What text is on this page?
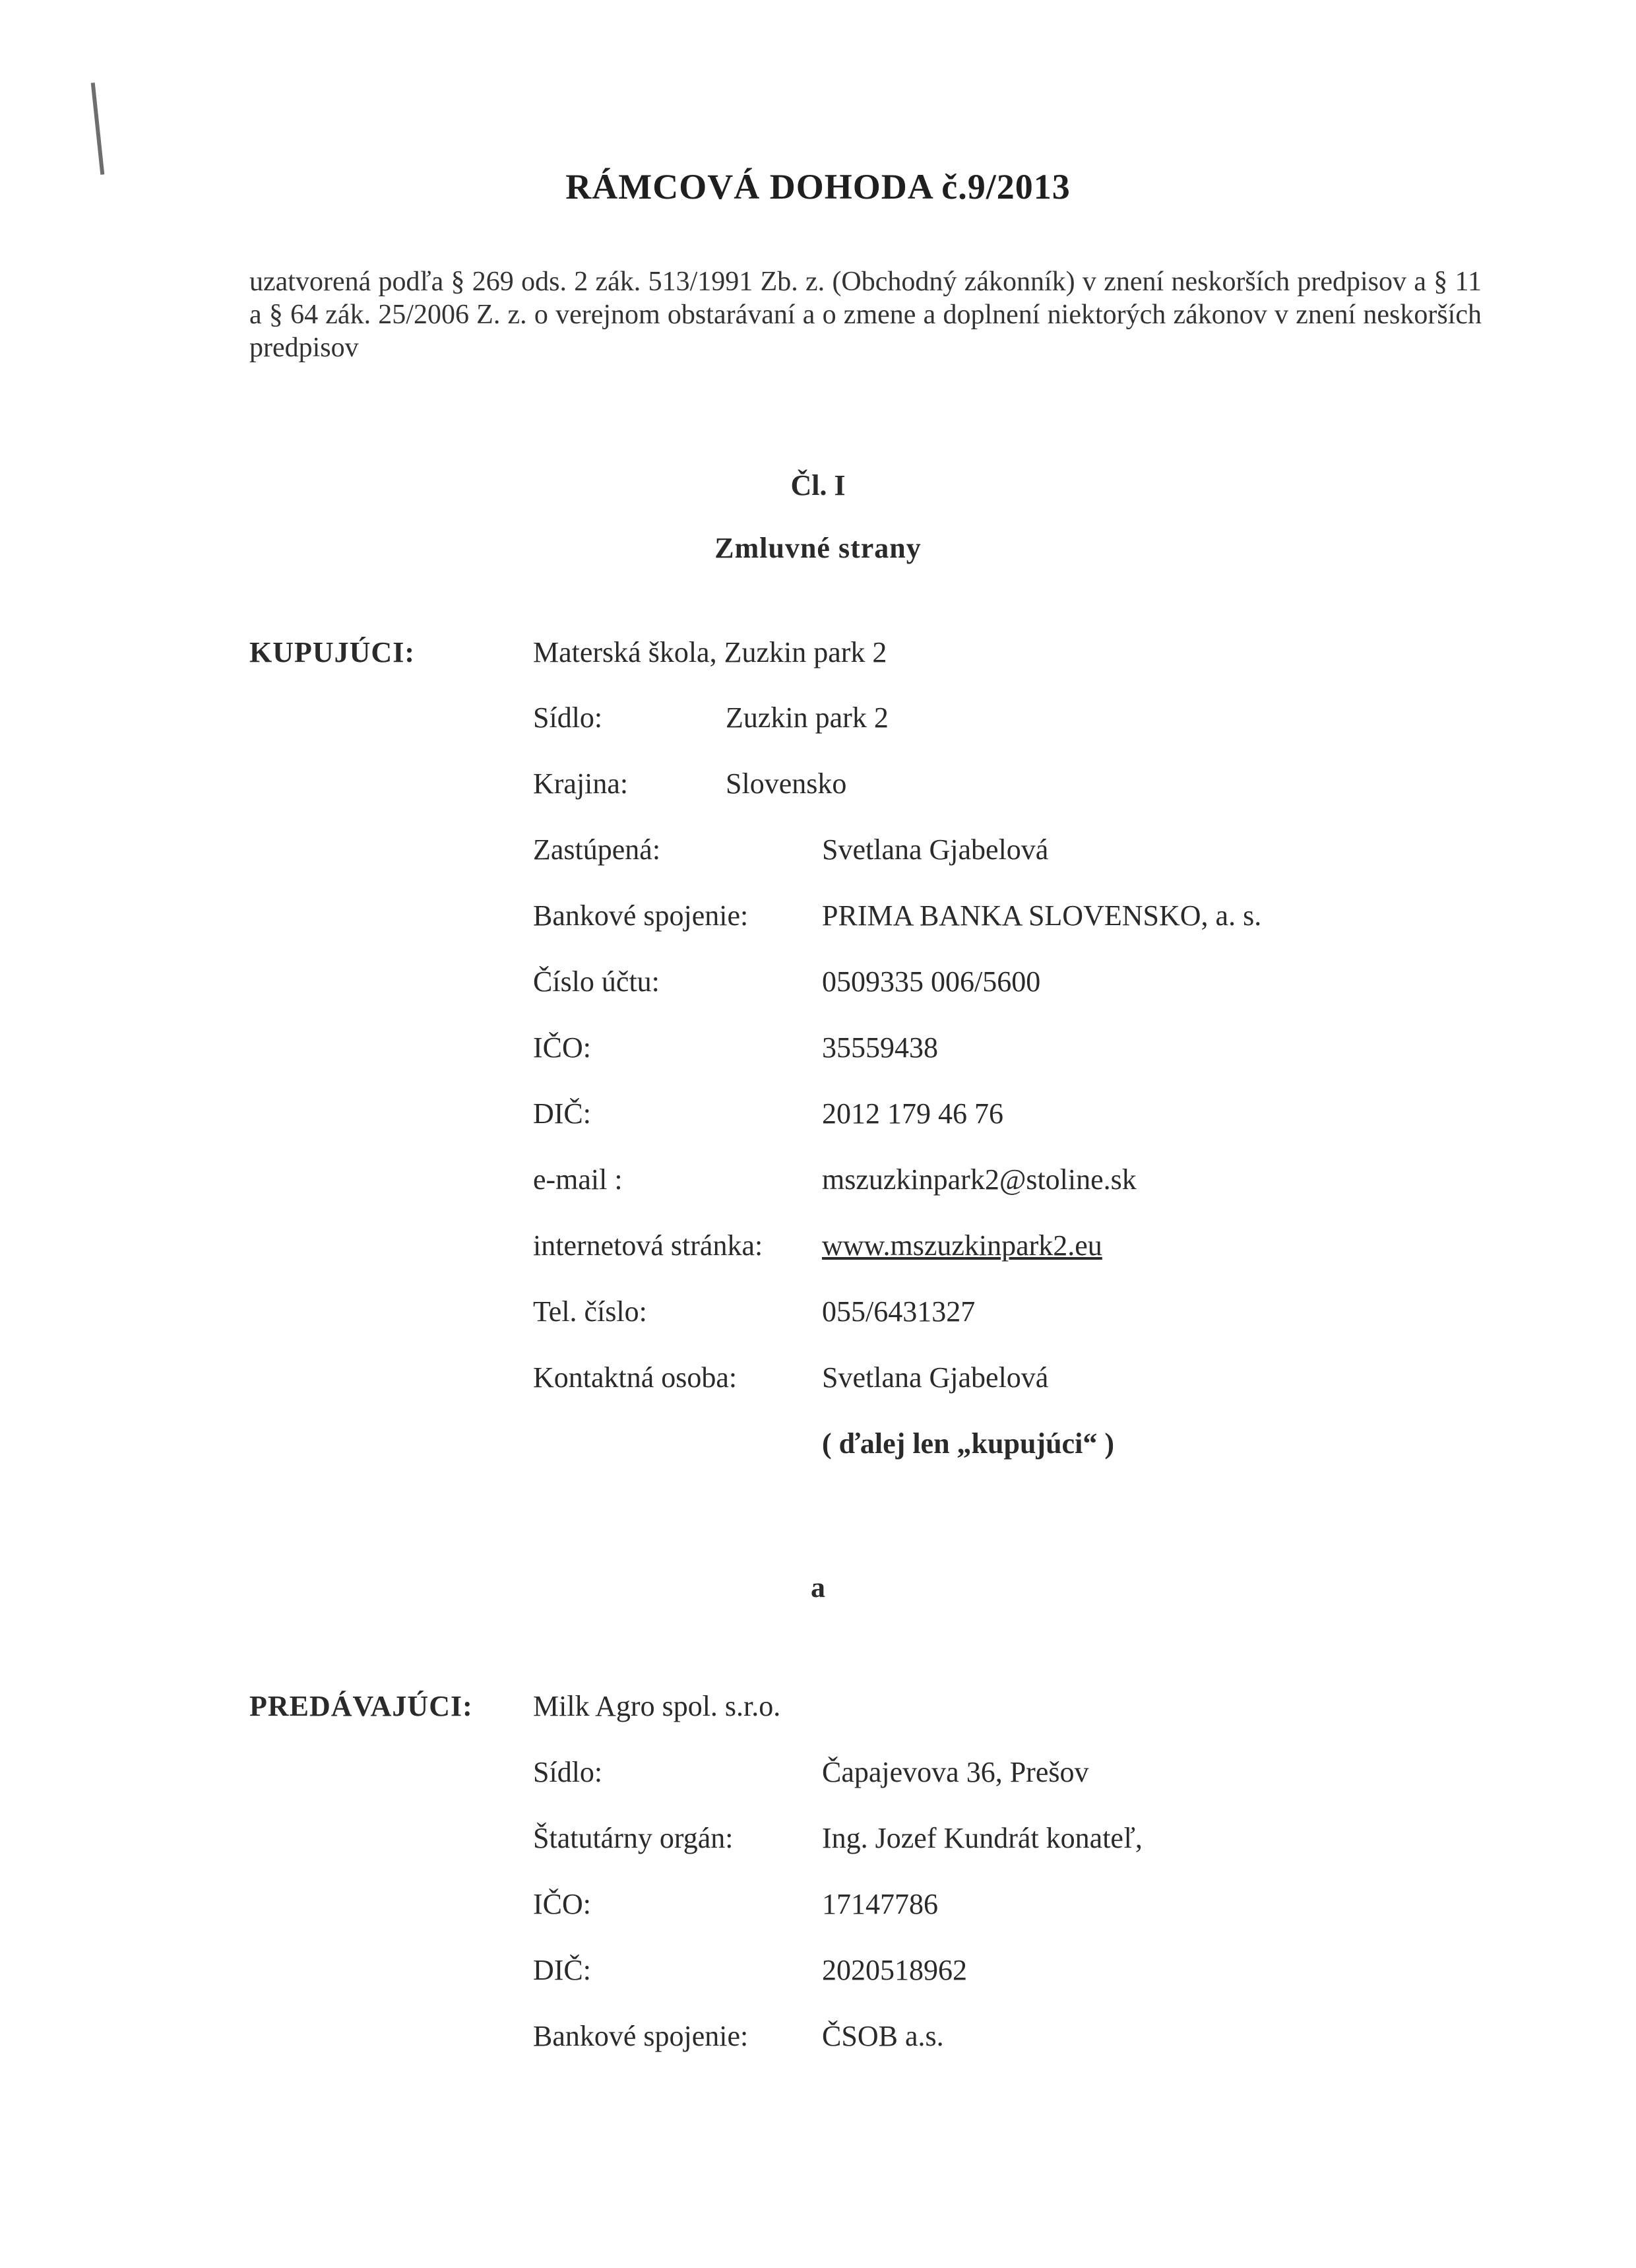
RÁMCOVÁ DOHODA č.9/2013
uzatvorená podľa § 269 ods. 2 zák. 513/1991 Zb. z. (Obchodný zákonník) v znení neskorších predpisov a § 11 a § 64 zák. 25/2006 Z. z. o verejnom obstarávaní a o zmene a doplnení niektorých zákonov v znení neskorších predpisov
Čl. I
Zmluvné strany
KUPUJÚCI:	Materská škola, Zuzkin park 2
Sídlo:	Zuzkin park 2
Krajina:	Slovensko
Zastúpená:	Svetlana Gjabelová
Bankové spojenie:	PRIMA BANKA SLOVENSKO, a. s.
Číslo účtu:	0509335 006/5600
IČO:	35559438
DIČ:	2012 179 46 76
e-mail :	mszuzkinpark2@stoline.sk
internetová stránka: www.mszuzkinpark2.eu
Tel. číslo:	055/6431327
Kontaktná osoba:	Svetlana Gjabelová
( ďalej len „kupujúci“ )
a
PREDÁVAJÚCI: Milk Agro spol. s.r.o.
Sídlo:	Čapajevova 36, Prešov
Štatutárny orgán:	Ing. Jozef Kundrát konateľ,
IČO:	17147786
DIČ:	2020518962
Bankové spojenie:	ČSOB a.s.
